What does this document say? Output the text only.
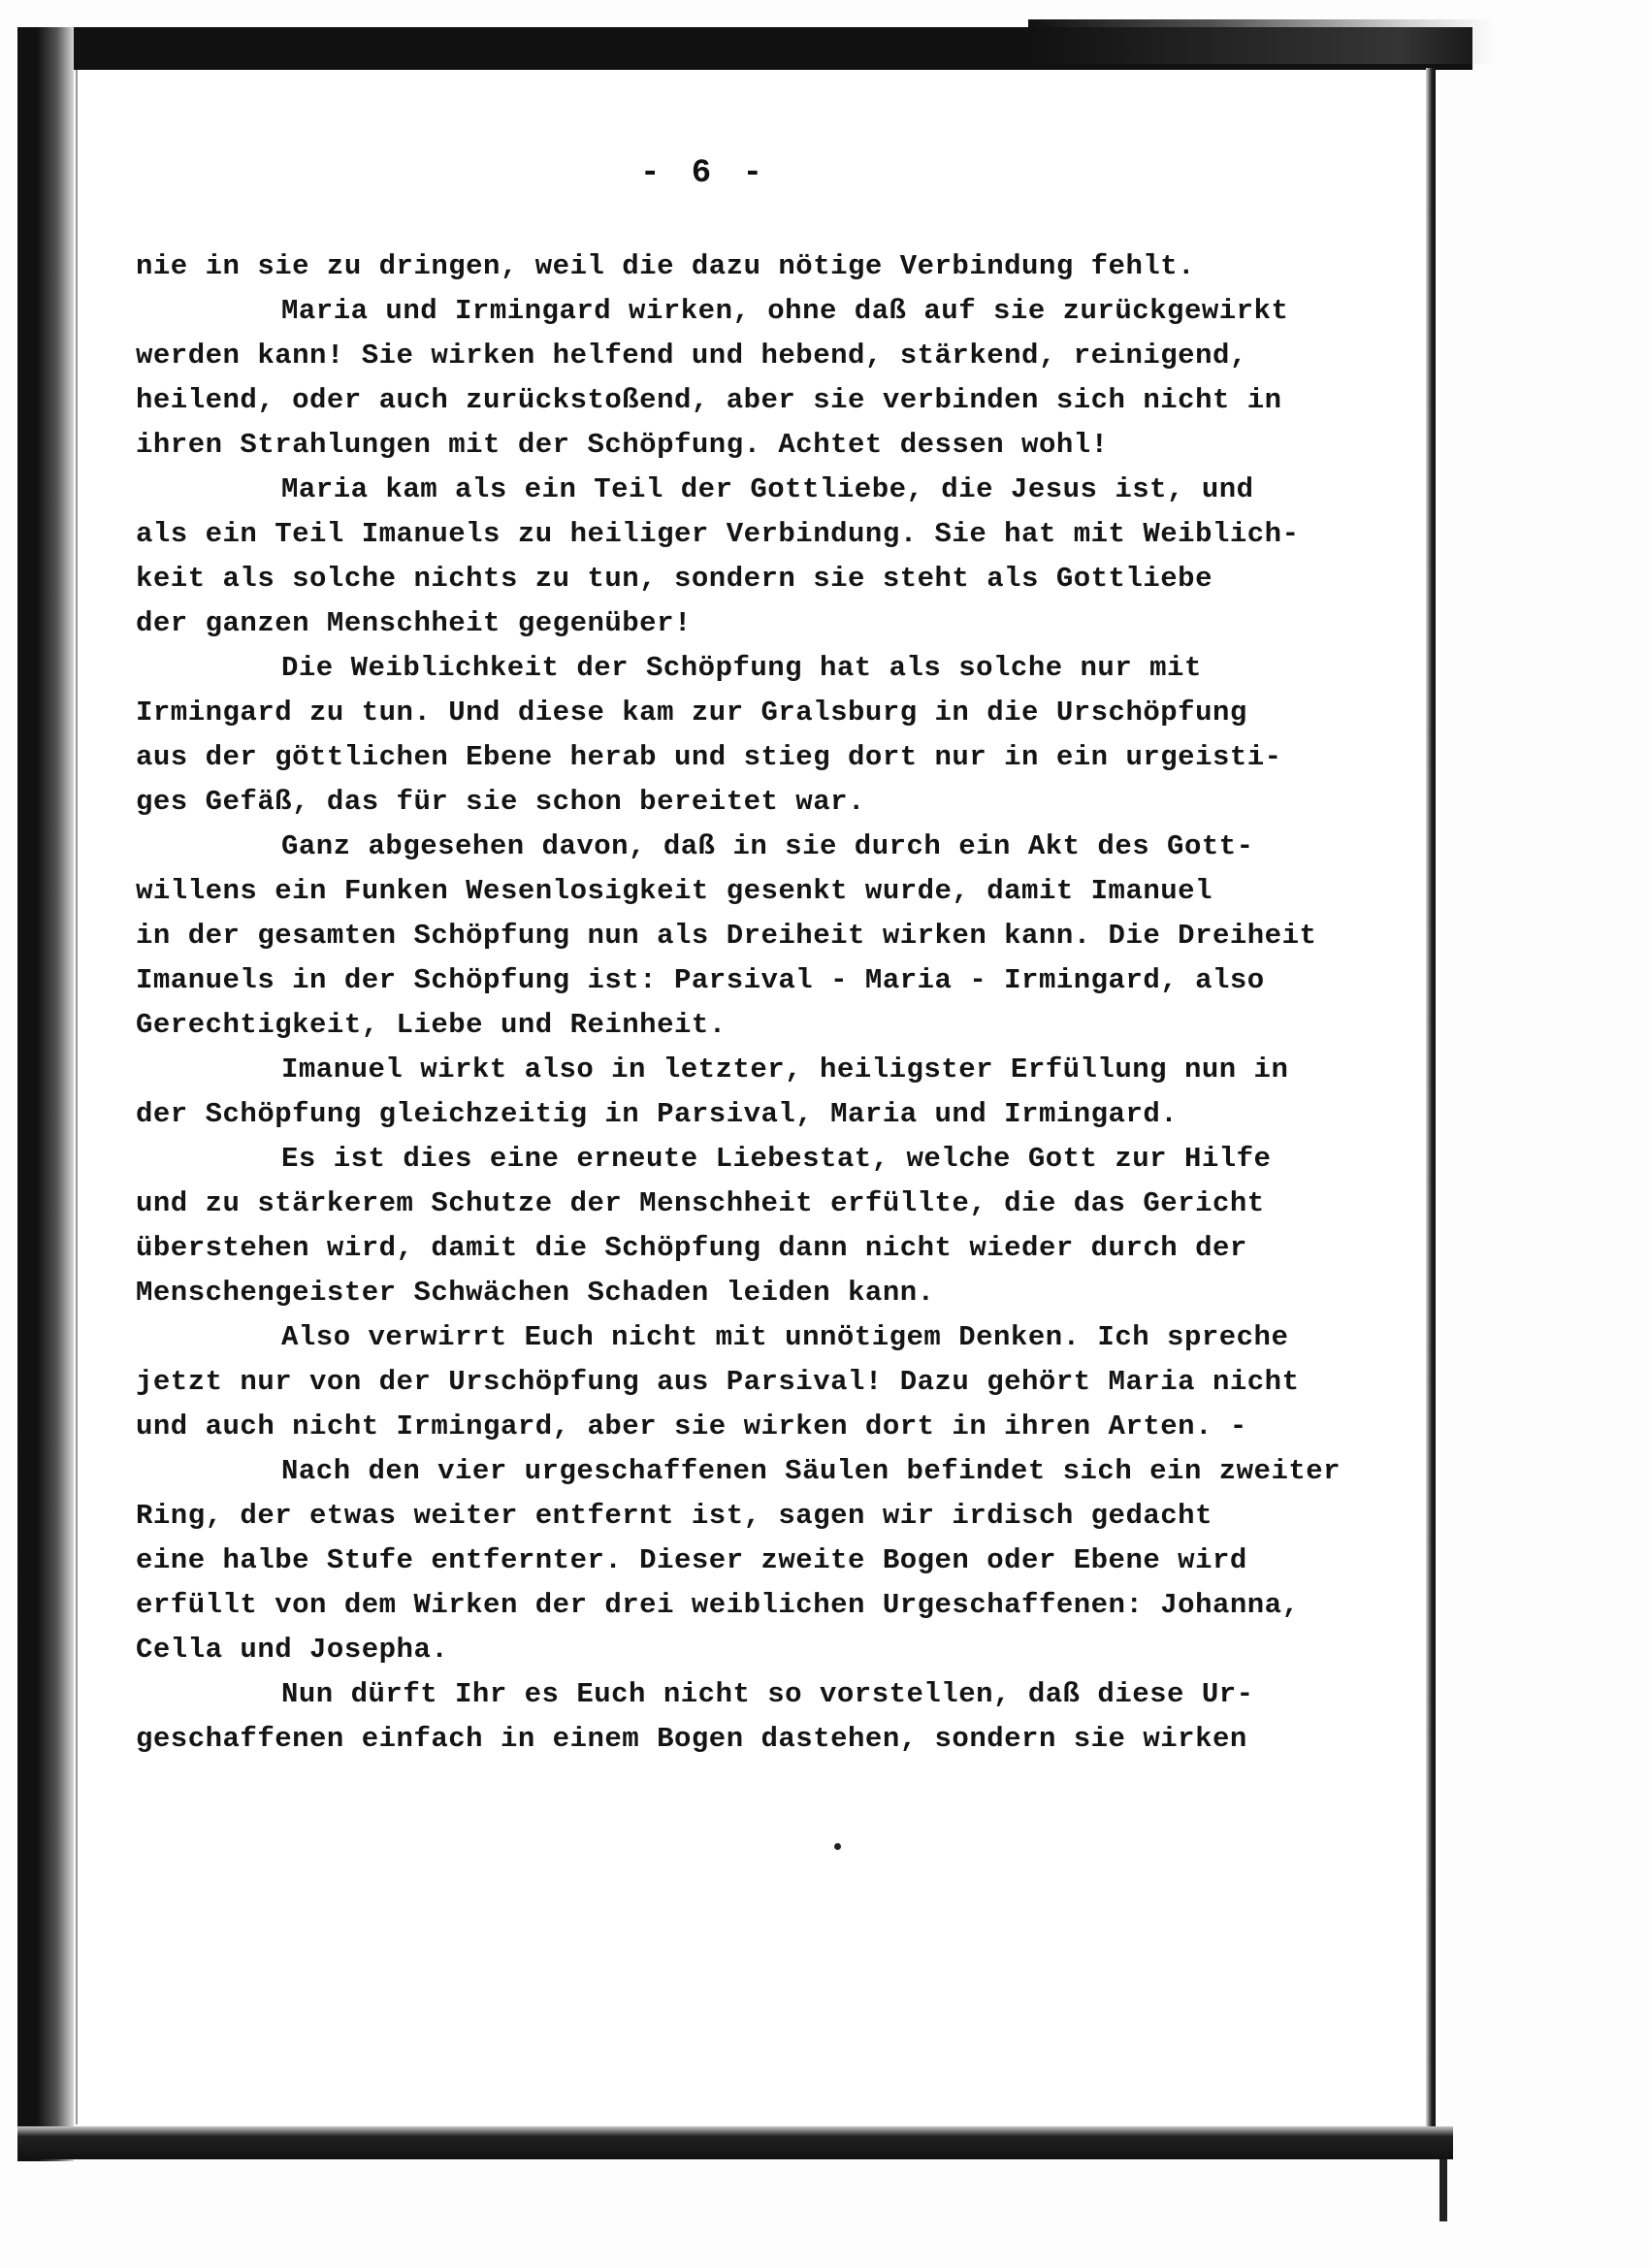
!
i
|
:
[
r
t
y
s
- 6 -
nie in sie zu dringen, weil die dazu nötige Verbindung fehlt.
Maria und Irmingard wirken, ohne daß auf sie zurückgewirkt
werden kann! Sie wirken helfend und hebend, stärkend, reinigend,
heilend, oder auch zurückstoßend, aber sie verbinden sich nicht in
ihren Strahlungen mit der Schöpfung. Achtet dessen wohl!
Maria kam als ein Teil der Gottliebe, die Jesus ist, und
als ein Teil Imanuels zu heiliger Verbindung. Sie hat mit Weiblich-
keit als solche nichts zu tun, sondern sie steht als Gottliebe
der ganzen Menschheit gegenüber!
Die Weiblichkeit der Schöpfung hat als solche nur mit
Irmingard zu tun. Und diese kam zur Gralsburg in die Urschöpfung
aus der göttlichen Ebene herab und stieg dort nur in ein urgeisti-
ges Gefäß, das für sie schon bereitet war.
Ganz abgesehen davon, daß in sie durch ein Akt des Gott-
willens ein Funken Wesenlosigkeit gesenkt wurde, damit Imanuel
in der gesamten Schöpfung nun als Dreiheit wirken kann. Die Dreiheit
Imanuels in der Schöpfung ist: Parsival - Maria - Irmingard, also
Gerechtigkeit, Liebe und Reinheit.
Imanuel wirkt also in letzter, heiligster Erfüllung nun in
der Schöpfung gleichzeitig in Parsival, Maria und Irmingard.
Es ist dies eine erneute Liebestat, welche Gott zur Hilfe
und zu stärkerem Schutze der Menschheit erfüllte, die das Gericht
überstehen wird, damit die Schöpfung dann nicht wieder durch der
Menschengeister Schwächen Schaden leiden kann.
Also verwirrt Euch nicht mit unnötigem Denken. Ich spreche
jetzt nur von der Urschöpfung aus Parsival! Dazu gehört Maria nicht
und auch nicht Irmingard, aber sie wirken dort in ihren Arten. -
Nach den vier urgeschaffenen Säulen befindet sich ein zweiter
Ring, der etwas weiter entfernt ist, sagen wir irdisch gedacht
eine halbe Stufe entfernter. Dieser zweite Bogen oder Ebene wird
erfüllt von dem Wirken der drei weiblichen Urgeschaffenen: Johanna,
Cella und Josepha.
Nun dürft Ihr es Euch nicht so vorstellen, daß diese Ur-
geschaffenen einfach in einem Bogen dastehen, sondern sie wirken
